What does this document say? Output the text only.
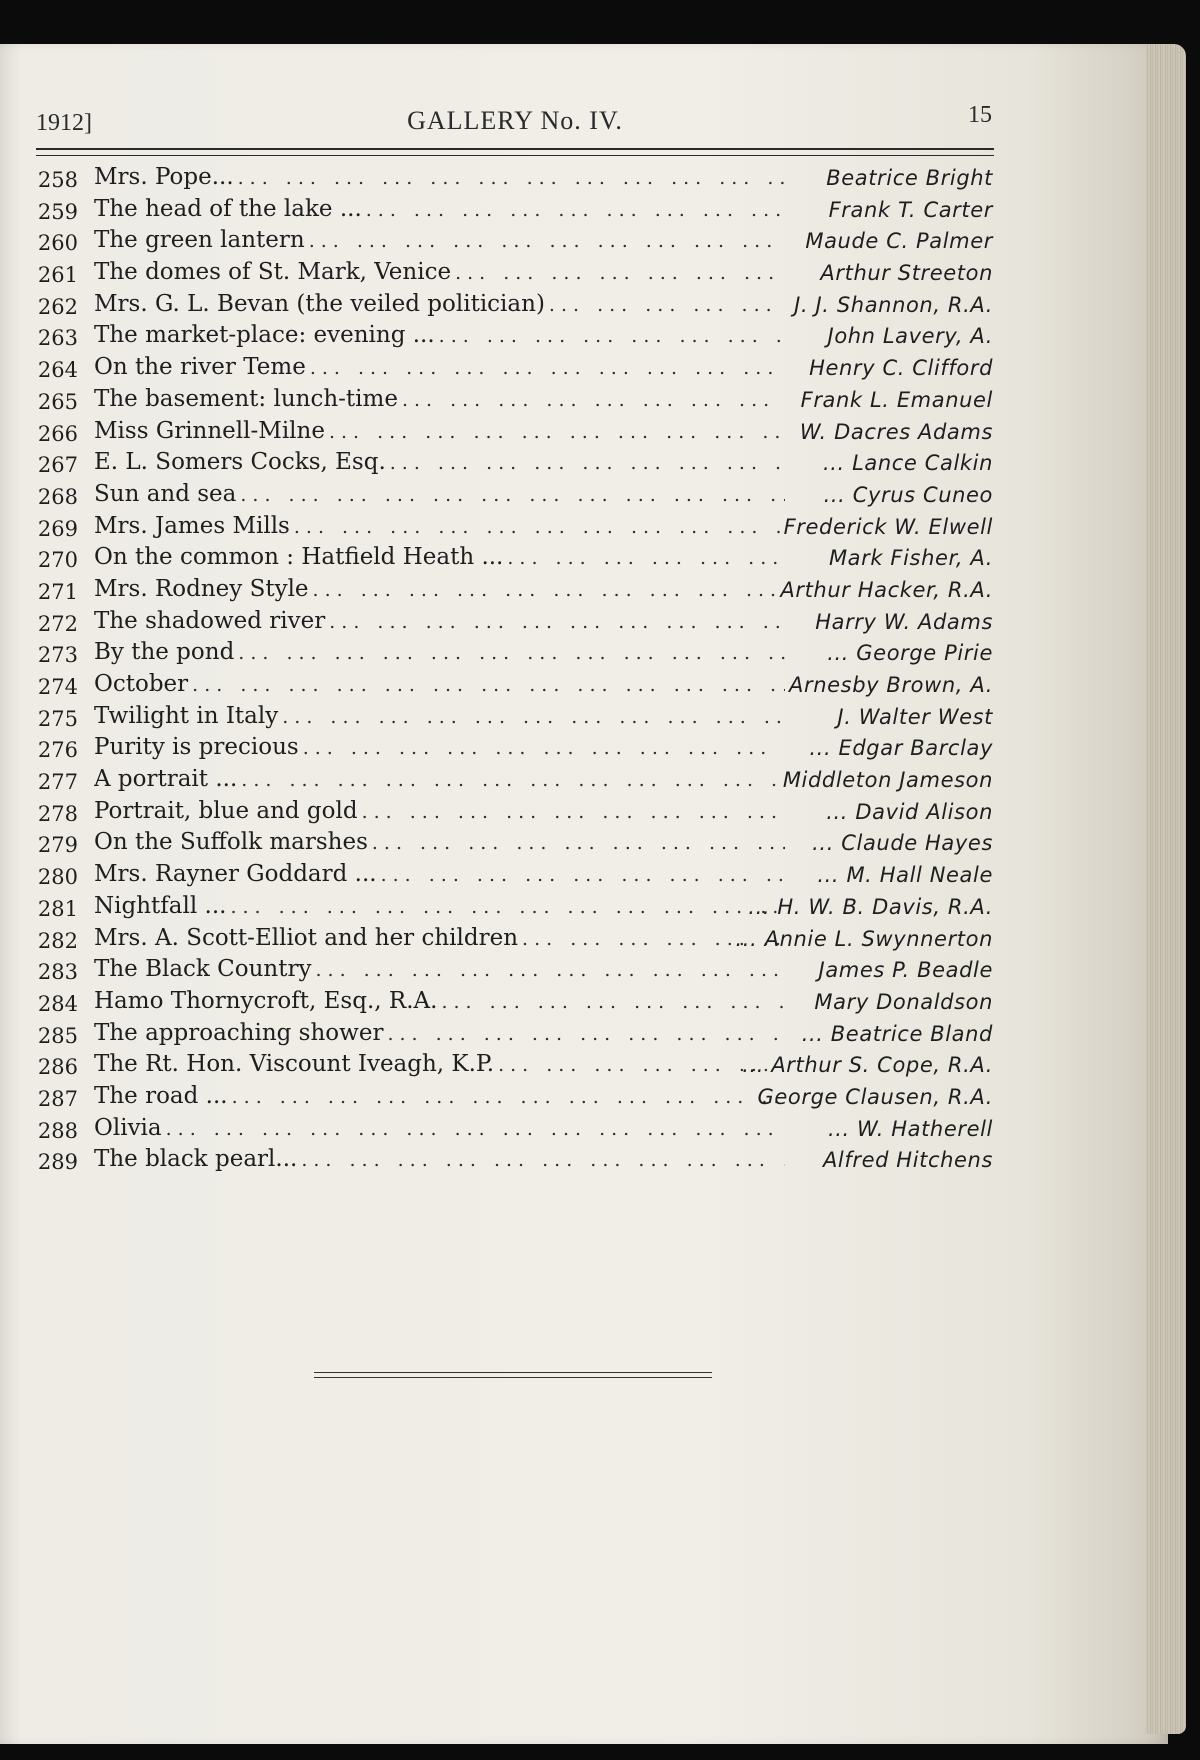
1912]	GALLERY No. IV.	15
258 Mrs. Pope... ... .	Beatrice Bright
259 The head of the lake ... ... .	Frank T. Carter
260 The green lantern ... .	Maude C. Palmer
261 The domes of St. Mark, Venice ... .	Arthur Streeton
262 Mrs. G. L. Bevan (the veiled politician) ... .	J. J. Shannon, R.A.
263 The market-place: evening ... ... .	John Lavery, A.
264 On the river Teme ... .	Henry C. Clifford
265 The basement: lunch-time ... .	Frank L. Emanuel
266 Miss Grinnell-Milne ... .	W. Dacres Adams
267 E. L. Somers Cocks, Esq. ... .	... Lance Calkin
268 Sun and sea ... .	... Cyrus Cuneo
269 Mrs. James Mills ... .	Frederick W. Elwell
270 On the common : Hatfield Heath ... ... .	Mark Fisher, A.
271 Mrs. Rodney Style ... .	Arthur Hacker, R.A.
272 The shadowed river ... .	Harry W. Adams
273 By the pond ... .	... George Pirie
274 October ... .	Arnesby Brown, A.
275 Twilight in Italy ... .	J. Walter West
276 Purity is precious ... .	... Edgar Barclay
277 A portrait ... ... .	Middleton Jameson
278 Portrait, blue and gold ... .	... David Alison
279 On the Suffolk marshes ... .	... Claude Hayes
280 Mrs. Rayner Goddard ... ... .	... M. Hall Neale
281 Nightfall ... ... .	... H. W. B. Davis, R.A.
282 Mrs. A. Scott-Elliot and her children ... .	... Annie L. Swynnerton
283 The Black Country ... .	James P. Beadle
284 Hamo Thornycroft, Esq., R.A. ... .	Mary Donaldson
285 The approaching shower ... .	... Beatrice Bland
286 The Rt. Hon. Viscount Iveagh, K.P. ... .	... Arthur S. Cope, R.A.
287 The road ... ... .	George Clausen, R.A.
288 Olivia ... .	... W. Hatherell
289 The black pearl... ... .	Alfred Hitchens
